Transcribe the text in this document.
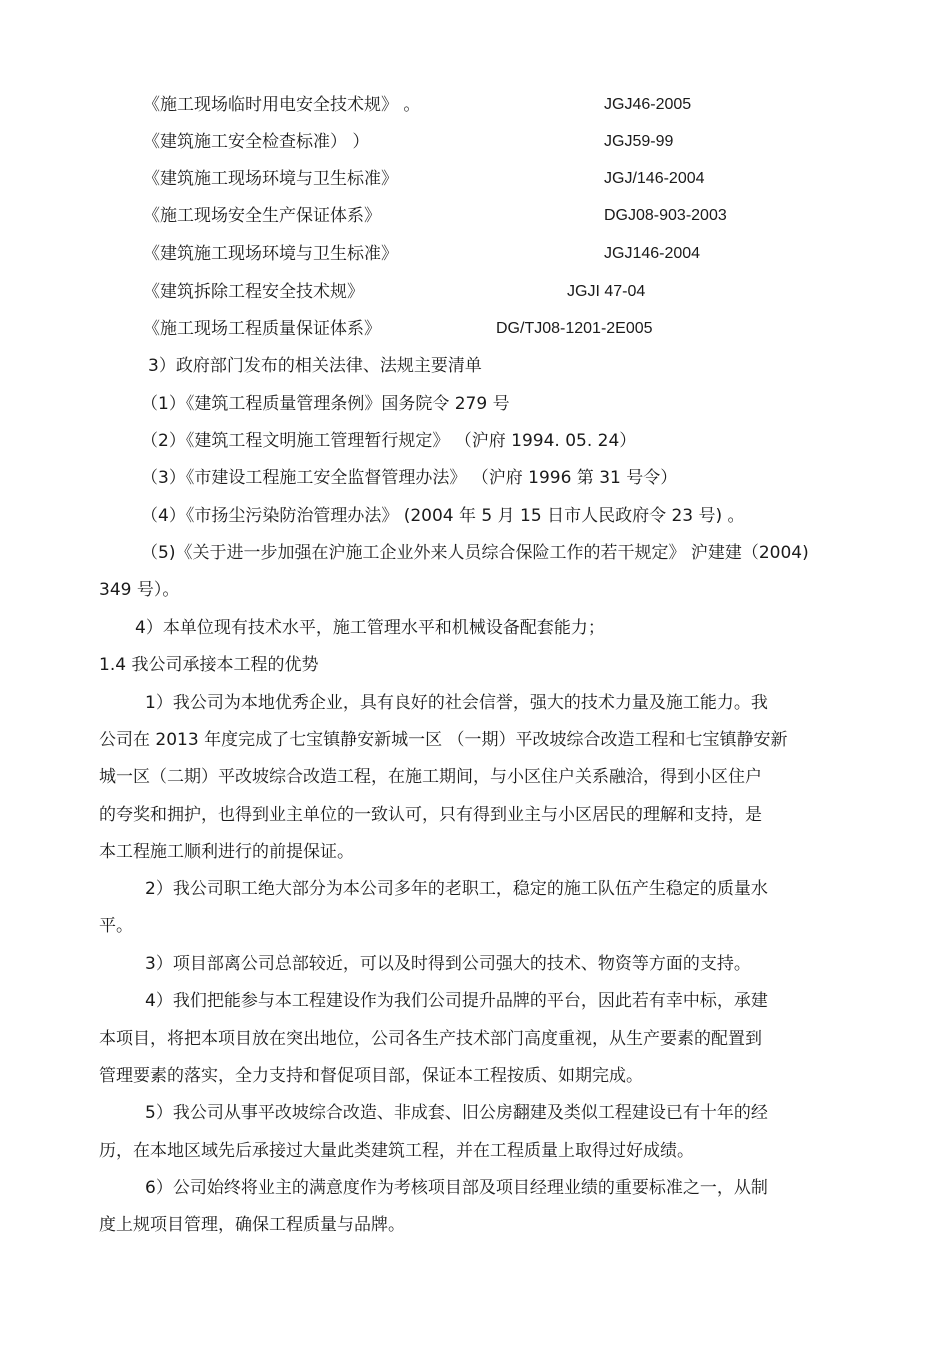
《施工现场临时用电安全技术规》 。	JGJ46-2005
《建筑施工安全检查标准） ）	JGJ59-99
《建筑施工现场环境与卫生标准》	JGJ/146-2004
《施工现场安全生产保证体系》	DGJ08-903-2003
《建筑施工现场环境与卫生标准》	JGJ146-2004
《建筑拆除工程安全技术规》	JGJI 47-04
《施工现场工程质量保证体系》	DG/TJ08-1201-2E005
3）政府部门发布的相关法律、法规主要清单
（1）《建筑工程质量管理条例》国务院令 279 号
（2）《建筑工程文明施工管理暂行规定》 （沪府 1994. 05. 24）
（3）《市建设工程施工安全监督管理办法》 （沪府 1996 第 31 号令）
（4）《市扬尘污染防治管理办法》 (2004 年 5 月 15 日市人民政府令 23 号) 。
（5)《关于进一步加强在沪施工企业外来人员综合保险工作的若干规定》 沪建建（2004)
349 号）。
4）本单位现有技术水平，施工管理水平和机械设备配套能力；
1.4 我公司承接本工程的优势
1）我公司为本地优秀企业，具有良好的社会信誉，强大的技术力量及施工能力。我
公司在 2013 年度完成了七宝镇静安新城一区 （一期）平改坡综合改造工程和七宝镇静安新
城一区（二期）平改坡综合改造工程，在施工期间，与小区住户关系融洽，得到小区住户
的夸奖和拥护，也得到业主单位的一致认可，只有得到业主与小区居民的理解和支持，是
本工程施工顺利进行的前提保证。
2）我公司职工绝大部分为本公司多年的老职工，稳定的施工队伍产生稳定的质量水
平。
3）项目部离公司总部较近，可以及时得到公司强大的技术、物资等方面的支持。
4）我们把能参与本工程建设作为我们公司提升品牌的平台，因此若有幸中标，承建
本项目，将把本项目放在突出地位，公司各生产技术部门高度重视，从生产要素的配置到
管理要素的落实，全力支持和督促项目部，保证本工程按质、如期完成。
5）我公司从事平改坡综合改造、非成套、旧公房翻建及类似工程建设已有十年的经
历，在本地区域先后承接过大量此类建筑工程，并在工程质量上取得过好成绩。
6）公司始终将业主的满意度作为考核项目部及项目经理业绩的重要标准之一，从制
度上规项目管理，确保工程质量与品牌。
